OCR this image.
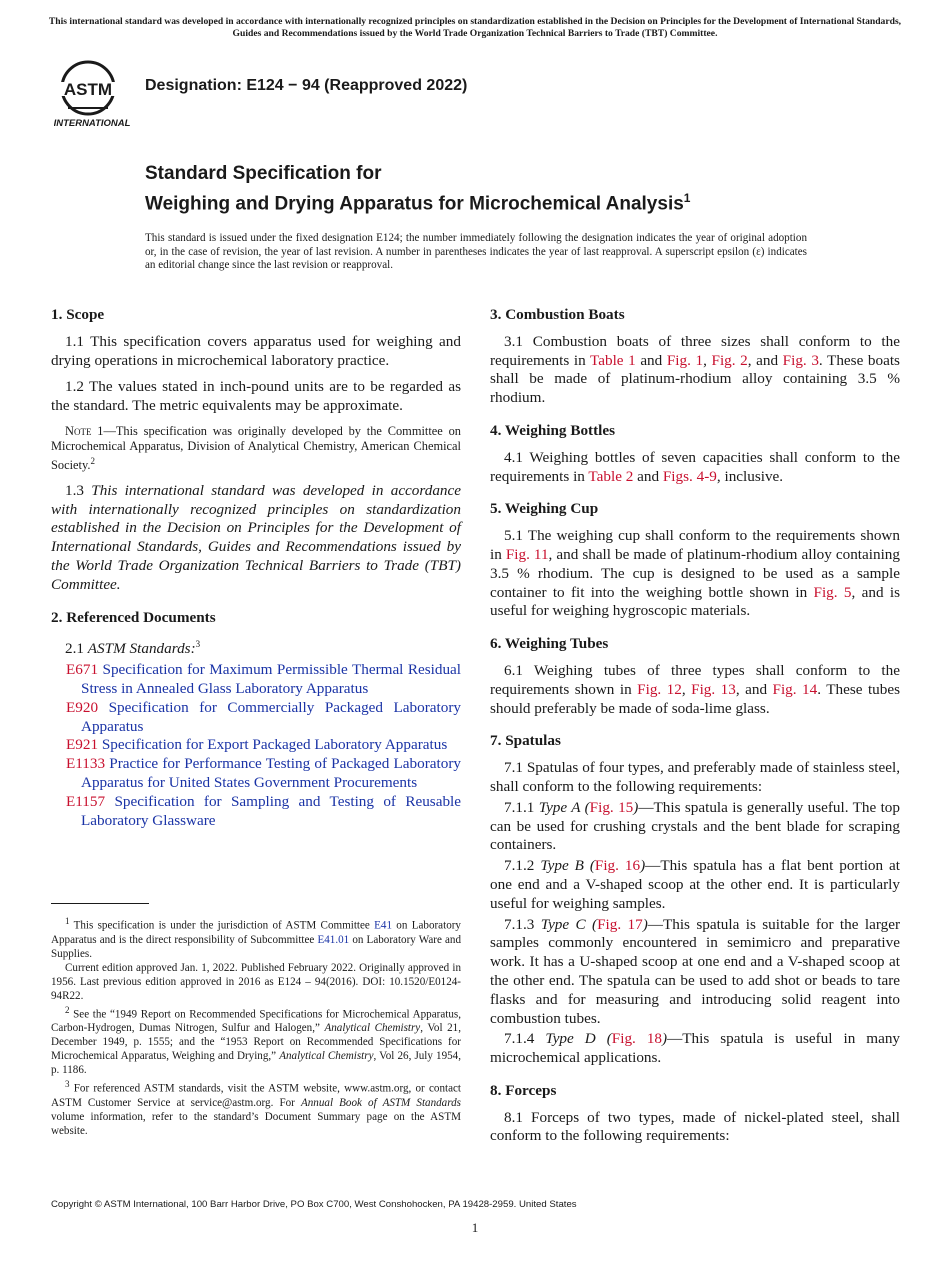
This international standard was developed in accordance with internationally recognized principles on standardization established in the Decision on Principles for the Development of International Standards, Guides and Recommendations issued by the World Trade Organization Technical Barriers to Trade (TBT) Committee.
ASTM
INTERNATIONAL
Designation: E124 − 94 (Reapproved 2022)
Standard Specification for
Weighing and Drying Apparatus for Microchemical Analysis$^1$
This standard is issued under the fixed designation E124; the number immediately following the designation indicates the year of original adoption or, in the case of revision, the year of last revision. A number in parentheses indicates the year of last reapproval. A superscript epsilon (ε) indicates an editorial change since the last revision or reapproval.
1. Scope

1.1 This specification covers apparatus used for weighing and drying operations in microchemical laboratory practice.

1.2 The values stated in inch-pound units are to be regarded as the standard. The metric equivalents may be approximate.

Note 1—This specification was originally developed by the Committee on Microchemical Apparatus, Division of Analytical Chemistry, American Chemical Society.$^2$

1.3 This international standard was developed in accordance with internationally recognized principles on standardization established in the Decision on Principles for the Development of International Standards, Guides and Recommendations issued by the World Trade Organization Technical Barriers to Trade (TBT) Committee.

2. Referenced Documents

2.1 ASTM Standards:$^3$

E671 Specification for Maximum Permissible Thermal Residual Stress in Annealed Glass Laboratory Apparatus
E920 Specification for Commercially Packaged Laboratory Apparatus
E921 Specification for Export Packaged Laboratory Apparatus
E1133 Practice for Performance Testing of Packaged Laboratory Apparatus for United States Government Procurements
E1157 Specification for Sampling and Testing of Reusable Laboratory Glassware

$^1$ This specification is under the jurisdiction of ASTM Committee E41 on Laboratory Apparatus and is the direct responsibility of Subcommittee E41.01 on Laboratory Ware and Supplies.

Current edition approved Jan. 1, 2022. Published February 2022. Originally approved in 1956. Last previous edition approved in 2016 as E124 – 94(2016). DOI: 10.1520/E0124-94R22.

$^2$ See the “1949 Report on Recommended Specifications for Microchemical Apparatus, Carbon-Hydrogen, Dumas Nitrogen, Sulfur and Halogen,” Analytical Chemistry, Vol 21, December 1949, p. 1555; and the “1953 Report on Recommended Specifications for Microchemical Apparatus, Weighing and Drying,” Analytical Chemistry, Vol 26, July 1954, p. 1186.

$^3$ For referenced ASTM standards, visit the ASTM website, www.astm.org, or contact ASTM Customer Service at service@astm.org. For Annual Book of ASTM Standards volume information, refer to the standard’s Document Summary page on the ASTM website.

3. Combustion Boats

3.1 Combustion boats of three sizes shall conform to the requirements in Table 1 and Fig. 1, Fig. 2, and Fig. 3. These boats shall be made of platinum-rhodium alloy containing 3.5 % rhodium.

4. Weighing Bottles

4.1 Weighing bottles of seven capacities shall conform to the requirements in Table 2 and Figs. 4-9, inclusive.

5. Weighing Cup

5.1 The weighing cup shall conform to the requirements shown in Fig. 11, and shall be made of platinum-rhodium alloy containing 3.5 % rhodium. The cup is designed to be used as a sample container to fit into the weighing bottle shown in Fig. 5, and is useful for weighing hygroscopic materials.

6. Weighing Tubes

6.1 Weighing tubes of three types shall conform to the requirements shown in Fig. 12, Fig. 13, and Fig. 14. These tubes should preferably be made of soda-lime glass.

7. Spatulas

7.1 Spatulas of four types, and preferably made of stainless steel, shall conform to the following requirements:

7.1.1 Type A (Fig. 15)—This spatula is generally useful. The top can be used for crushing crystals and the bent blade for scraping containers.

7.1.2 Type B (Fig. 16)—This spatula has a flat bent portion at one end and a V-shaped scoop at the other end. It is particularly useful for weighing samples.

7.1.3 Type C (Fig. 17)—This spatula is suitable for the larger samples commonly encountered in semimicro and preparative work. It has a U-shaped scoop at one end and a V-shaped scoop at the other end. The spatula can be used to add shot or beads to tare flasks and for measuring and introducing solid reagent into combustion tubes.

7.1.4 Type D (Fig. 18)—This spatula is useful in many microchemical applications.

8. Forceps

8.1 Forceps of two types, made of nickel-plated steel, shall conform to the following requirements:

Copyright © ASTM International, 100 Barr Harbor Drive, PO Box C700, West Conshohocken, PA 19428-2959. United States
1
